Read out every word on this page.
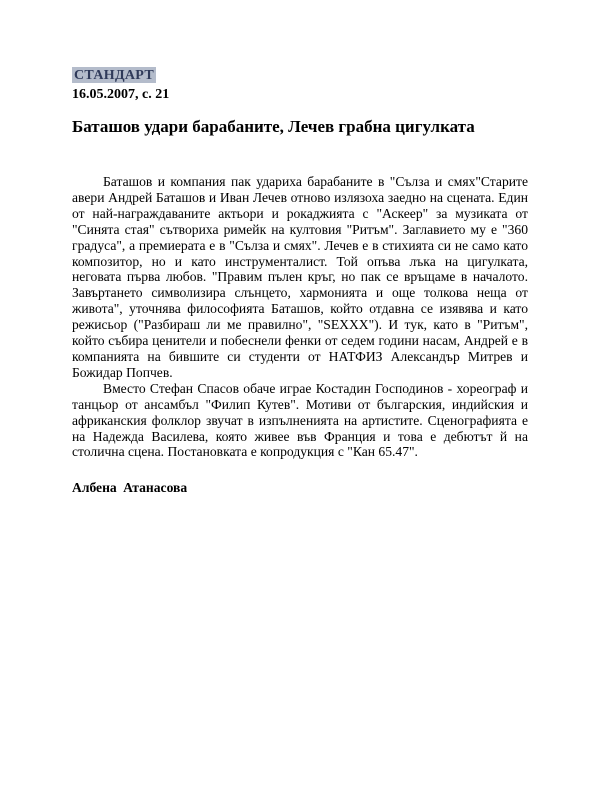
СТАНДАРТ
16.05.2007, с. 21
Баташов удари барабаните, Лечев грабна цигулката

Баташов и компания пак удариха барабаните в "Сълза и смях"Старите авери Андрей Баташов и Иван Лечев отново излязоха заедно на сцената. Един от най-награждаваните актьори и рокаджията с "Аскеер" за музиката от "Синята стая" сътвориха римейк на култовия "Ритъм". Заглавието му е "360 градуса", а премиерата е в "Сълза и смях". Лечев е в стихията си не само като композитор, но и като инструменталист. Той опъва лъка на цигулката, неговата първа любов. "Правим пълен кръг, но пак се връщаме в началото. Завъртането символизира слънцето, хармонията и още толкова неща от живота", уточнява философията Баташов, който отдавна се изявява и като режисьор ("Разбираш ли ме правилно", "SEXXX"). И тук, като в "Ритъм", който събира ценители и побеснели фенки от седем години насам, Андрей е в компанията на бившите си студенти от НАТФИЗ Александър Митрев и Божидар Попчев.

Вместо Стефан Спасов обаче играе Костадин Господинов - хореограф и танцьор от ансамбъл "Филип Кутев". Мотиви от българския, индийския и африканския фолклор звучат в изпълненията на артистите. Сценографията е на Надежда Василева, която живее във Франция и това е дебютът й на столична сцена. Постановката е копродукция с "Кан 65.47".

Албена Атанасова
